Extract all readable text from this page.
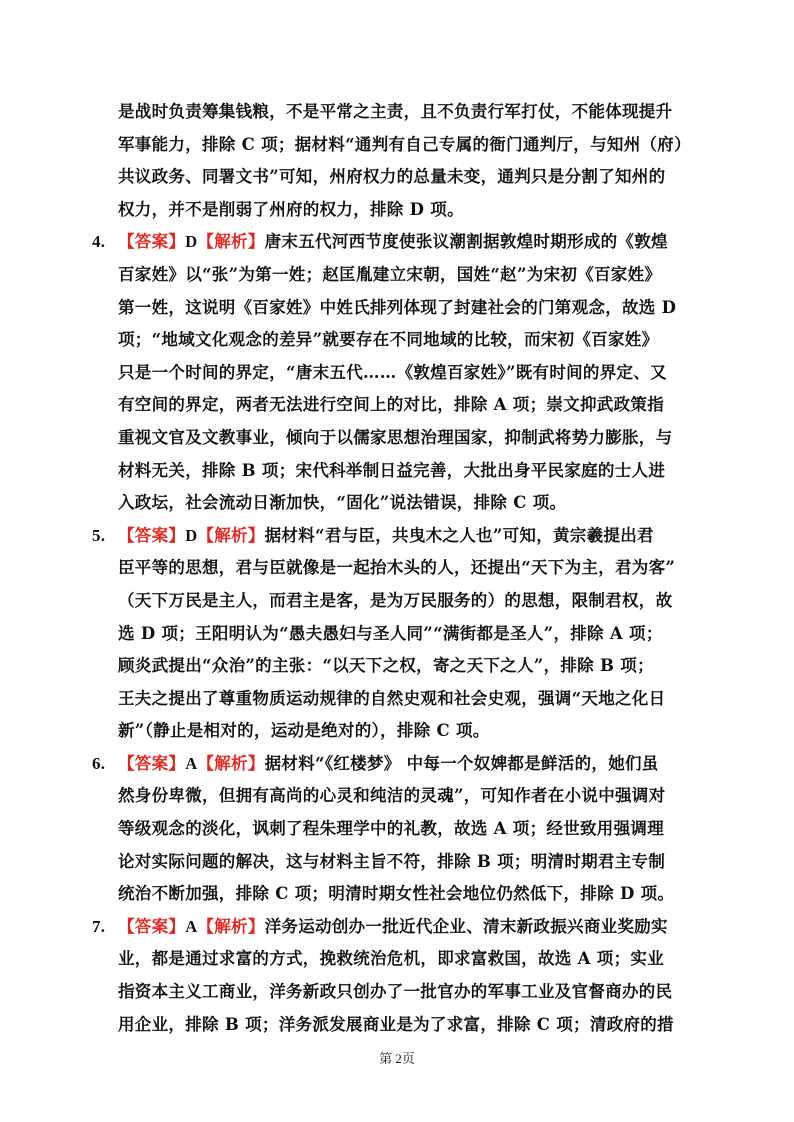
是战时负责筹集钱粮，不是平常之主责，且不负责行军打仗，不能体现提升

军事能力，排除 C 项；据材料“通判有自己专属的衙门通判厅，与知州（府）

共议政务、同署文书”可知，州府权力的总量未变，通判只是分割了知州的

权力，并不是削弱了州府的权力，排除 D 项。

4. 【答案】D【解析】唐末五代河西节度使张议潮割据敦煌时期形成的《敦煌

百家姓》以“张”为第一姓；赵匡胤建立宋朝，国姓“赵”为宋初《百家姓》

第一姓，这说明《百家姓》中姓氏排列体现了封建社会的门第观念，故选 D

项；“地域文化观念的差异”就要存在不同地域的比较，而宋初《百家姓》

只是一个时间的界定，“唐末五代……《敦煌百家姓》”既有时间的界定、又

有空间的界定，两者无法进行空间上的对比，排除 A 项；崇文抑武政策指

重视文官及文教事业，倾向于以儒家思想治理国家，抑制武将势力膨胀，与

材料无关，排除 B 项；宋代科举制日益完善，大批出身平民家庭的士人进

入政坛，社会流动日渐加快，“固化”说法错误，排除 C 项。

5. 【答案】D【解析】据材料“君与臣，共曳木之人也”可知，黄宗羲提出君

臣平等的思想，君与臣就像是一起抬木头的人，还提出“天下为主，君为客”

（天下万民是主人，而君主是客，是为万民服务的）的思想，限制君权，故

选 D 项；王阳明认为“愚夫愚妇与圣人同”“满街都是圣人”，排除 A 项；

顾炎武提出“众治”的主张：“以天下之权，寄之天下之人”，排除 B 项；

王夫之提出了尊重物质运动规律的自然史观和社会史观，强调“天地之化日

新”（静止是相对的，运动是绝对的），排除 C 项。

6. 【答案】A【解析】据材料“《红楼梦》 中每一个奴婢都是鲜活的，她们虽

然身份卑微，但拥有高尚的心灵和纯洁的灵魂”，可知作者在小说中强调对

等级观念的淡化，讽刺了程朱理学中的礼教，故选 A 项；经世致用强调理

论对实际问题的解决，这与材料主旨不符，排除 B 项；明清时期君主专制

统治不断加强，排除 C 项；明清时期女性社会地位仍然低下，排除 D 项。

7. 【答案】A【解析】洋务运动创办一批近代企业、清末新政振兴商业奖励实

业，都是通过求富的方式，挽救统治危机，即求富救国，故选 A 项；实业

指资本主义工商业，洋务新政只创办了一批官办的军事工业及官督商办的民

用企业，排除 B 项；洋务派发展商业是为了求富，排除 C 项；清政府的措

第 2页
